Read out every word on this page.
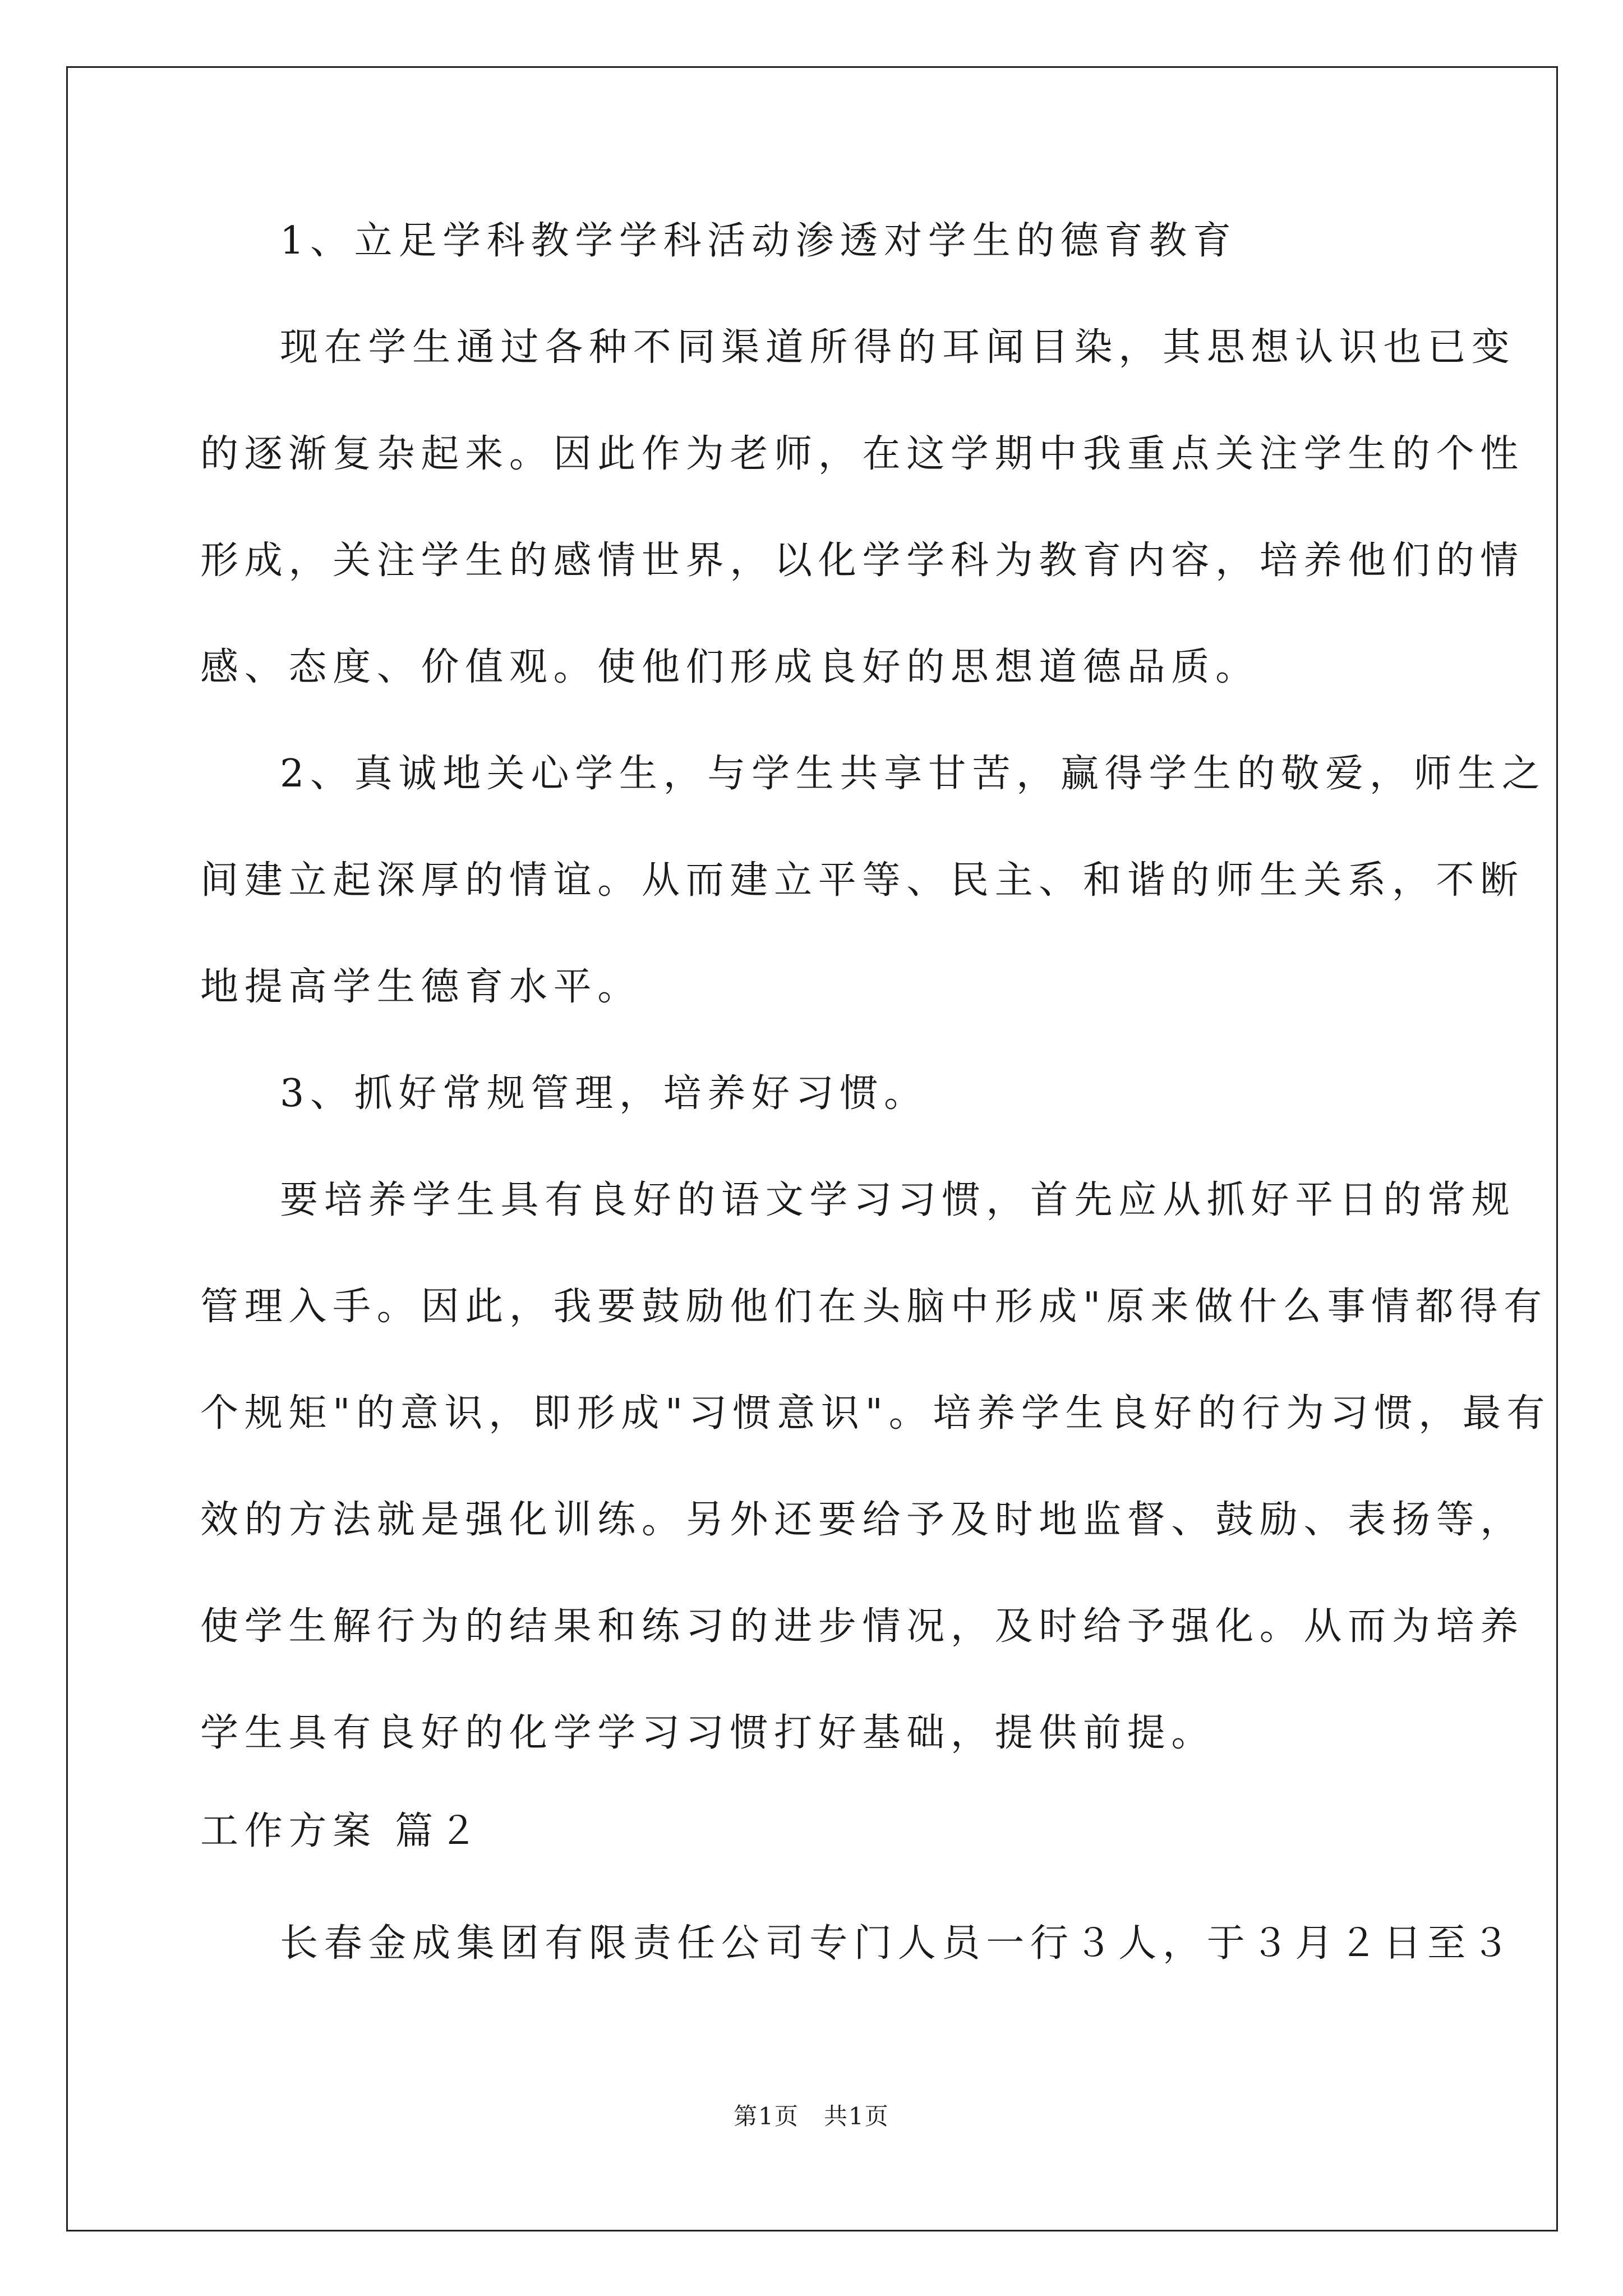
1、立足学科教学学科活动渗透对学生的德育教育
现在学生通过各种不同渠道所得的耳闻目染，其思想认识也已变
的逐渐复杂起来。因此作为老师，在这学期中我重点关注学生的个性
形成，关注学生的感情世界，以化学学科为教育内容，培养他们的情
感、态度、价值观。使他们形成良好的思想道德品质。
2、真诚地关心学生，与学生共享甘苦，赢得学生的敬爱，师生之
间建立起深厚的情谊。从而建立平等、民主、和谐的师生关系，不断
地提高学生德育水平。
3、抓好常规管理，培养好习惯。
要培养学生具有良好的语文学习习惯，首先应从抓好平日的常规
管理入手。因此，我要鼓励他们在头脑中形成"原来做什么事情都得有
个规矩"的意识，即形成"习惯意识"。培养学生良好的行为习惯，最有
效的方法就是强化训练。另外还要给予及时地监督、鼓励、表扬等，
使学生解行为的结果和练习的进步情况，及时给予强化。从而为培养
学生具有良好的化学学习习惯打好基础，提供前提。
工作方案 篇２
长春金成集团有限责任公司专门人员一行３人，于３月２日至３
第1页　共1页
